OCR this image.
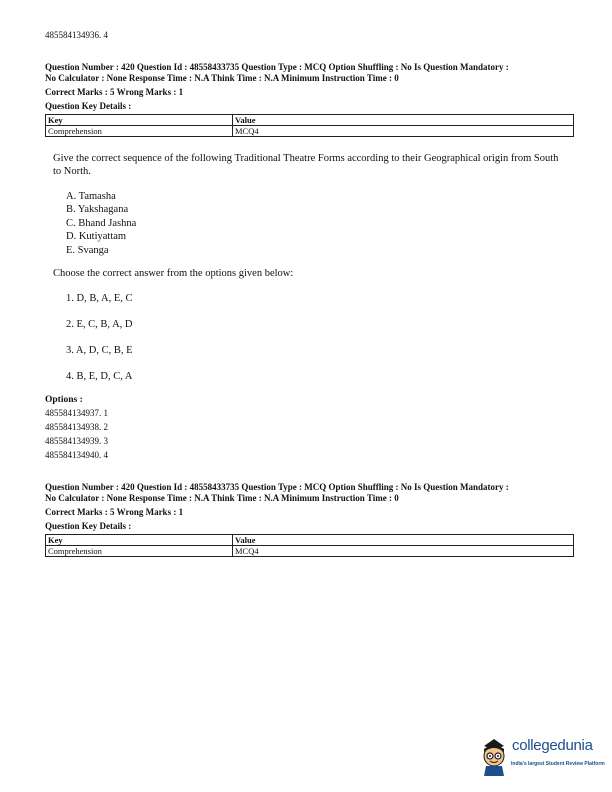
485584134936. 4
Question Number : 420 Question Id : 48558433735 Question Type : MCQ Option Shuffling : No Is Question Mandatory :
No Calculator : None Response Time : N.A Think Time : N.A Minimum Instruction Time : 0
Correct Marks : 5 Wrong Marks : 1
Question Key Details :
Key	Value
Comprehension	MCQ4
Give the correct sequence of the following Traditional Theatre Forms according to their Geographical origin from South to North.
A. Tamasha
B. Yakshagana
C. Bhand Jashna
D. Kutiyattam
E. Svanga
Choose the correct answer from the options given below:
1. D, B, A, E, C
2. E, C, B, A, D
3. A, D, C, B, E
4. B, E, D, C, A
Options :
485584134937. 1
485584134938. 2
485584134939. 3
485584134940. 4
Question Number : 420 Question Id : 48558433735 Question Type : MCQ Option Shuffling : No Is Question Mandatory :
No Calculator : None Response Time : N.A Think Time : N.A Minimum Instruction Time : 0
Correct Marks : 5 Wrong Marks : 1
Question Key Details :
Key	Value
Comprehension	MCQ4
collegedunia
India's largest Student Review Platform
